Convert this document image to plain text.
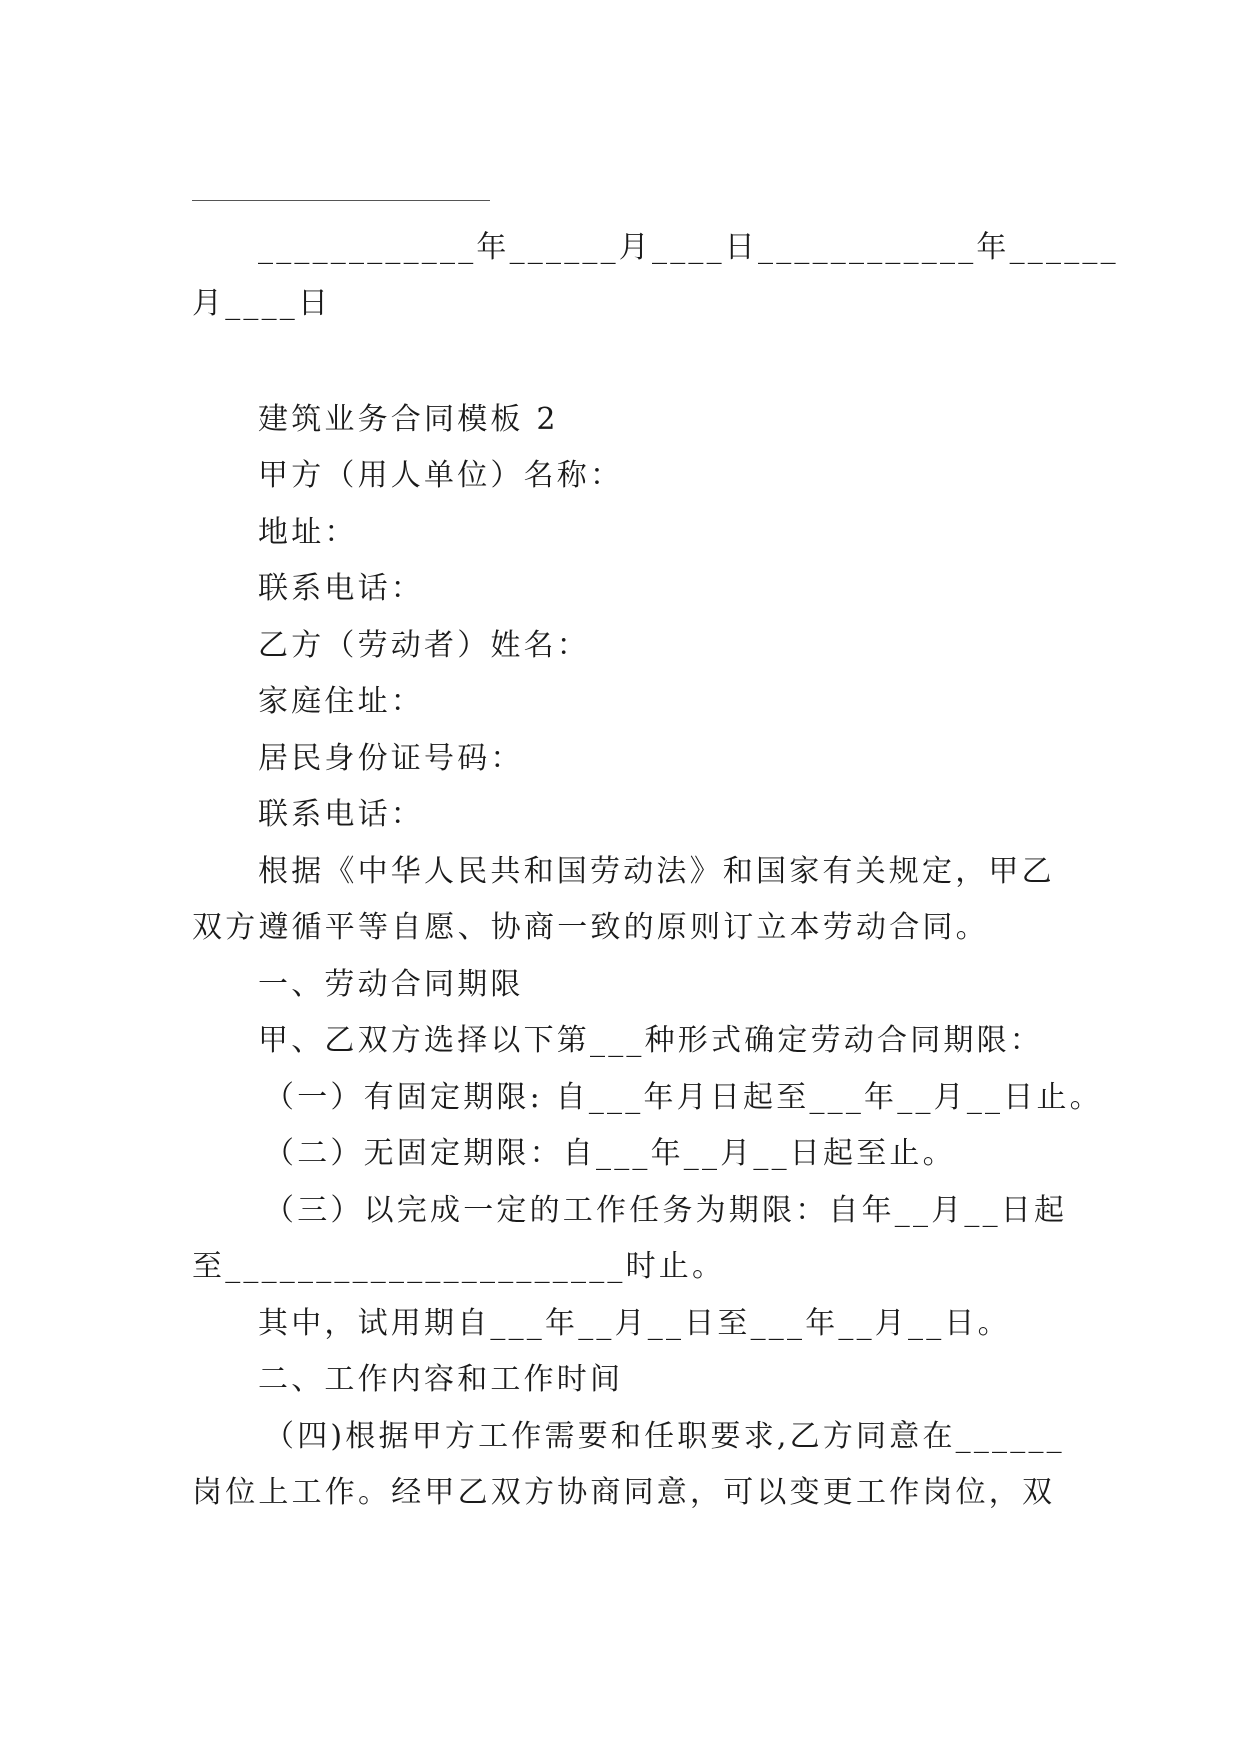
____________年______月____日____________年______
月____日
建筑业务合同模板 2
甲方（用人单位）名称：
地址：
联系电话：
乙方（劳动者）姓名：
家庭住址：
居民身份证号码：
联系电话：
根据《中华人民共和国劳动法》和国家有关规定，甲乙
双方遵循平等自愿、协商一致的原则订立本劳动合同。
一、劳动合同期限
甲、乙双方选择以下第___种形式确定劳动合同期限：
（一）有固定期限: 自___年月日起至___年__月__日止。
（二）无固定期限：自___年__月__日起至止。
（三）以完成一定的工作任务为期限：自年__月__日起
至______________________时止。
其中，试用期自___年__月__日至___年__月__日。
二、工作内容和工作时间
（四)根据甲方工作需要和任职要求,乙方同意在______
岗位上工作。经甲乙双方协商同意，可以变更工作岗位，双
